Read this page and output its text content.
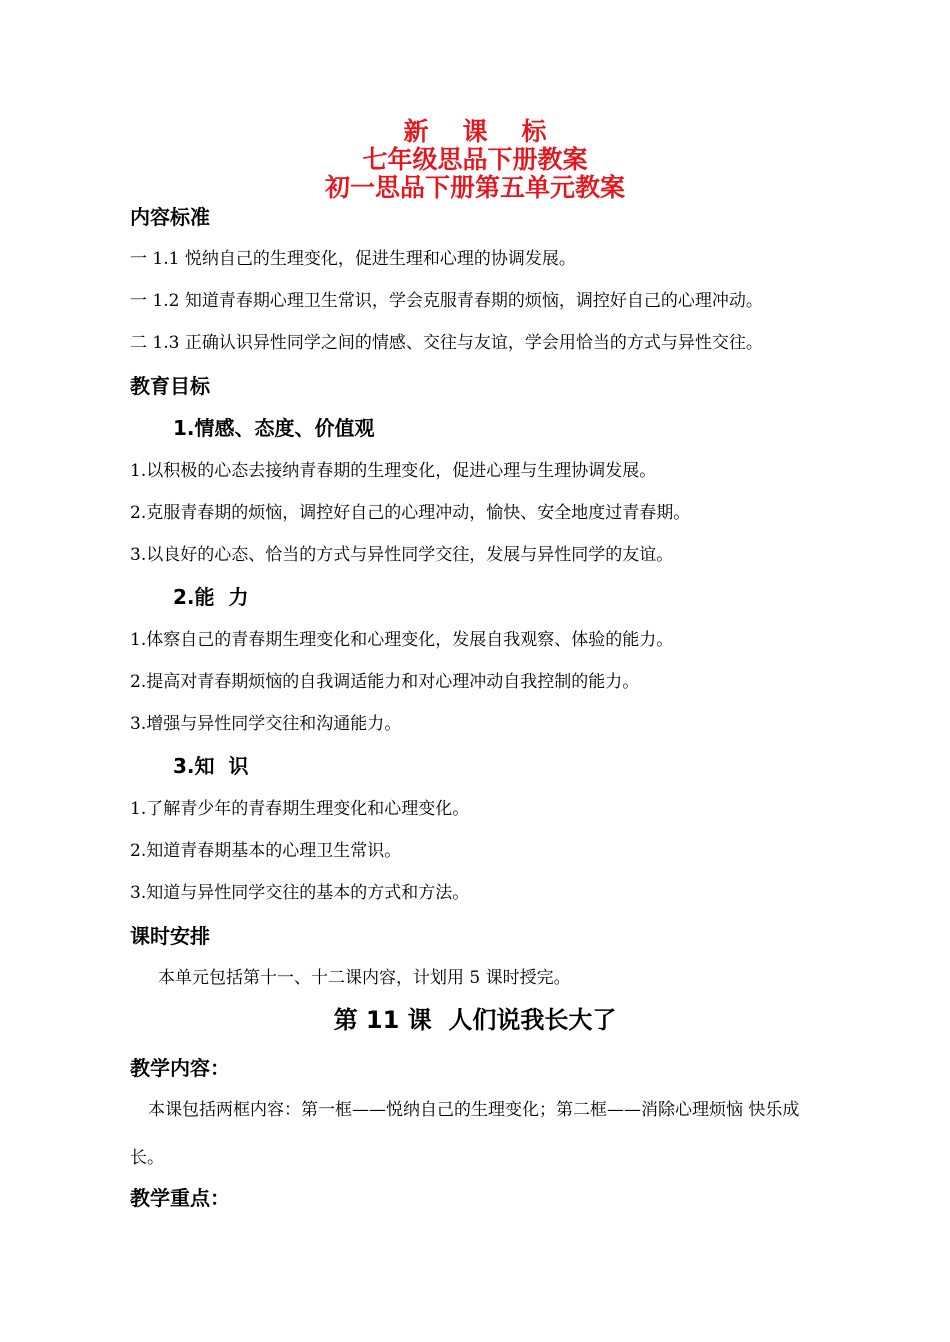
新 课 标
七年级思品下册教案
初一思品下册第五单元教案
内容标准
一 1.1 悦纳自己的生理变化，促进生理和心理的协调发展。
一 1.2 知道青春期心理卫生常识，学会克服青春期的烦恼，调控好自己的心理冲动。
二 1.3 正确认识异性同学之间的情感、交往与友谊，学会用恰当的方式与异性交往。
教育目标
1.情感、态度、价值观
1.以积极的心态去接纳青春期的生理变化，促进心理与生理协调发展。
2.克服青春期的烦恼，调控好自己的心理冲动，愉快、安全地度过青春期。
3.以良好的心态、恰当的方式与异性同学交往，发展与异性同学的友谊。
2.能  力
1.体察自己的青春期生理变化和心理变化，发展自我观察、体验的能力。
2.提高对青春期烦恼的自我调适能力和对心理冲动自我控制的能力。
3.增强与异性同学交往和沟通能力。
3.知  识
1.了解青少年的青春期生理变化和心理变化。
2.知道青春期基本的心理卫生常识。
3.知道与异性同学交往的基本的方式和方法。
课时安排
本单元包括第十一、十二课内容，计划用 5 课时授完。
第 11 课  人们说我长大了
教学内容：
本课包括两框内容：第一框——悦纳自己的生理变化；第二框——消除心理烦恼 快乐成
长。
教学重点：
